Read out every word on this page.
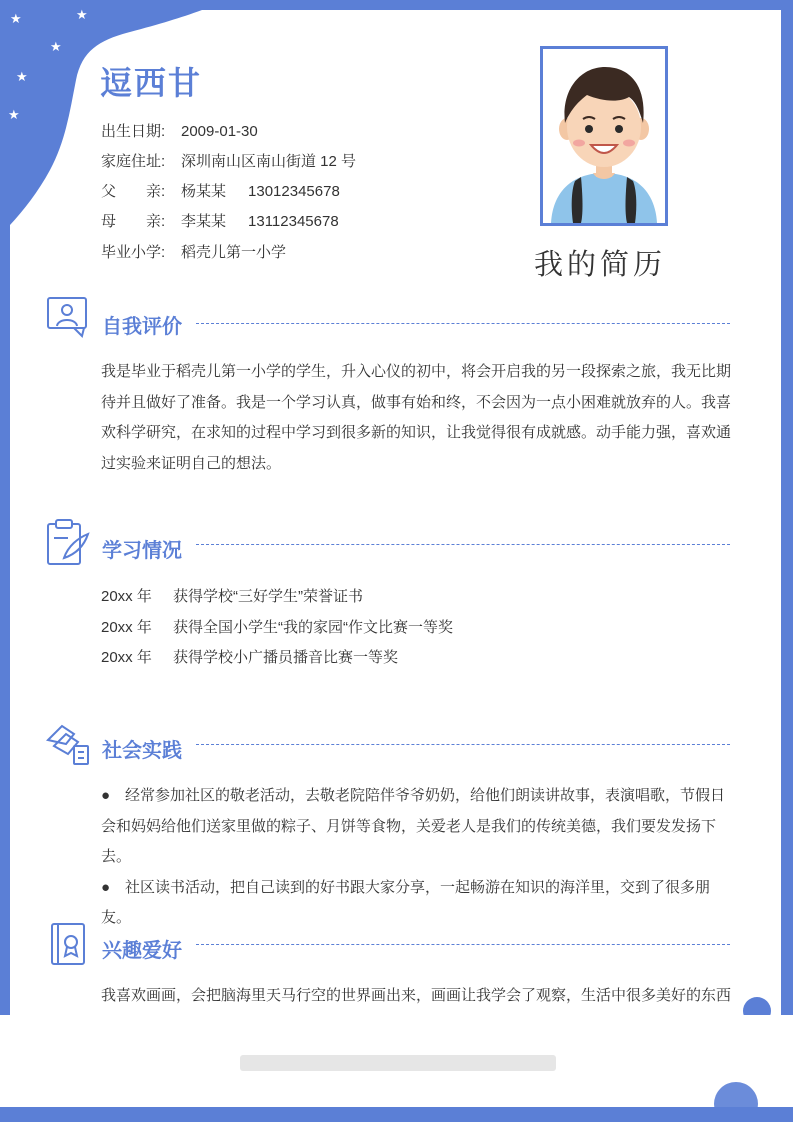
★	★
★
★
★
逗西甘
出生日期: 2009-01-30
家庭住址: 深圳南山区南山街道 12 号
父　　亲: 杨某某 13012345678
母　　亲: 李某某 13112345678
毕业小学: 稻壳儿第一小学	我的简历
自我评价
我是毕业于稻壳儿第一小学的学生，升入心仪的初中，将会开启我的另一段探索之旅，我无比期待并且做好了准备。我是一个学习认真，做事有始和终，不会因为一点小困难就放弃的人。我喜欢科学研究，在求知的过程中学习到很多新的知识，让我觉得很有成就感。动手能力强，喜欢通过实验来证明自己的想法。
学习情况
20xx 年 获得学校“三好学生”荣誉证书
20xx 年 获得全国小学生“我的家园“作文比赛一等奖
20xx 年 获得学校小广播员播音比赛一等奖
社会实践
● 经常参加社区的敬老活动，去敬老院陪伴爷爷奶奶，给他们朗读讲故事，表演唱歌，节假日会和妈妈给他们送家里做的粽子、月饼等食物，关爱老人是我们的传统美德，我们要发发扬下去。
● 社区读书活动，把自己读到的好书跟大家分享，一起畅游在知识的海洋里，交到了很多朋友。
兴趣爱好
我喜欢画画，会把脑海里天马行空的世界画出来，画画让我学会了观察，生活中很多美好的东西
